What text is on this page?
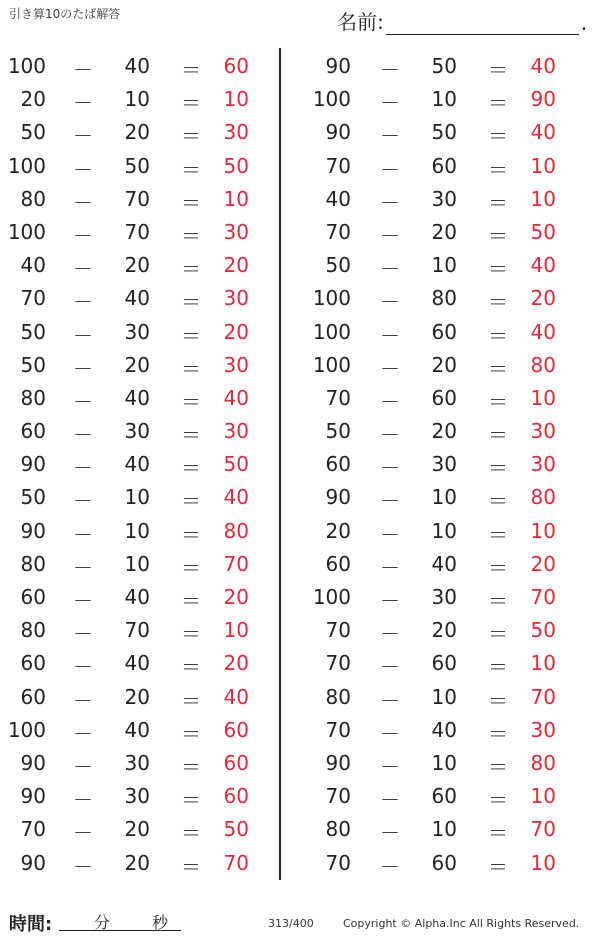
引き算10のたば解答	名前:	.
100 －	40 ＝	60
20 －	10 ＝	10
50 －	20 ＝	30
100 －	50 ＝	50
80 －	70 ＝	10
100 －	70 ＝	30
40 －	20 ＝	20
70 －	40 ＝	30
50 －	30 ＝	20
50 －	20 ＝	30
80 －	40 ＝	40
60 －	30 ＝	30
90 －	40 ＝	50
50 －	10 ＝	40
90 －	10 ＝	80
80 －	10 ＝	70
60 －	40 ＝	20
80 －	70 ＝	10
60 －	40 ＝	20
60 －	20 ＝	40
100 －	40 ＝	60
90 －	30 ＝	60
90 －	30 ＝	60
70 －	20 ＝	50
90 －	20 ＝	70
90 －	50 ＝	40
100 －	10 ＝	90
90 －	50 ＝	40
70 －	60 ＝	10
40 －	30 ＝	10
70 －	20 ＝	50
50 －	10 ＝	40
100 －	80 ＝	20
100 －	60 ＝	40
100 －	20 ＝	80
70 －	60 ＝	10
50 －	20 ＝	30
60 －	30 ＝	30
90 －	10 ＝	80
20 －	10 ＝	10
60 －	40 ＝	20
100 －	30 ＝	70
70 －	20 ＝	50
70 －	60 ＝	10
80 －	10 ＝	70
70 －	40 ＝	30
90 －	10 ＝	80
70 －	60 ＝	10
80 －	10 ＝	70
70 －	60 ＝	10
時間:	分	秒	313/400	Copyright © Alpha.Inc All Rights Reserved.
